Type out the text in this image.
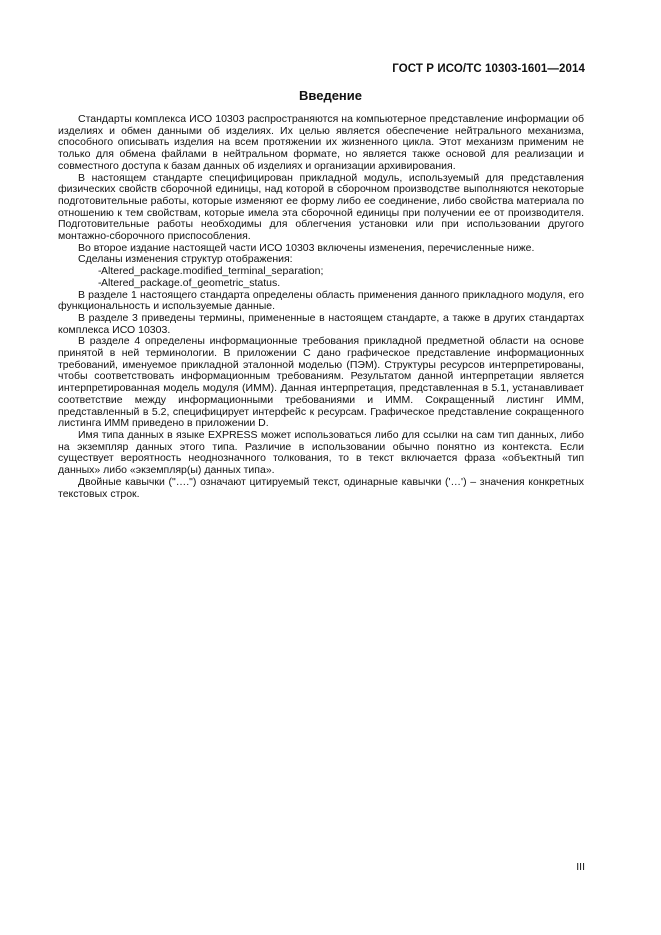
ГОСТ Р ИСО/ТС 10303-1601—2014
Введение

Стандарты комплекса ИСО 10303 распространяются на компьютерное представление информации об изделиях и обмен данными об изделиях. Их целью является обеспечение нейтрального механизма, способного описывать изделия на всем протяжении их жизненного цикла. Этот механизм применим не только для обмена файлами в нейтральном формате, но является также основой для реализации и совместного доступа к базам данных об изделиях и организации архивирования.

В настоящем стандарте специфицирован прикладной модуль, используемый для представления физических свойств сборочной единицы, над которой в сборочном производстве выполняются некоторые подготовительные работы, которые изменяют ее форму либо ее соединение, либо свойства материала по отношению к тем свойствам, которые имела эта сборочной единицы при получении ее от производителя. Подготовительные работы необходимы для облегчения установки или при использовании другого монтажно-сборочного приспособления.

Во второе издание настоящей части ИСО 10303 включены изменения, перечисленные ниже.

Сделаны изменения структур отображения:

-Altered_package.modified_terminal_separation;

-Altered_package.of_geometric_status.

В разделе 1 настоящего стандарта определены область применения данного прикладного модуля, его функциональность и используемые данные.

В разделе 3 приведены термины, примененные в настоящем стандарте, а также в других стандартах комплекса ИСО 10303.

В разделе 4 определены информационные требования прикладной предметной области на основе принятой в ней терминологии. В приложении С дано графическое представление информационных требований, именуемое прикладной эталонной моделью (ПЭМ). Структуры ресурсов интерпретированы, чтобы соответствовать информационным требованиям. Результатом данной интерпретации является интерпретированная модель модуля (ИММ). Данная интерпретация, представленная в 5.1, устанавливает соответствие между информационными требованиями и ИММ. Сокращенный листинг ИММ, представленный в 5.2, специфицирует интерфейс к ресурсам. Графическое представление сокращенного листинга ИММ приведено в приложении D.

Имя типа данных в языке EXPRESS может использоваться либо для ссылки на сам тип данных, либо на экземпляр данных этого типа. Различие в использовании обычно понятно из контекста. Если существует вероятность неоднозначного толкования, то в текст включается фраза «объектный тип данных» либо «экземпляр(ы) данных типа».

Двойные кавычки ("….") означают цитируемый текст, одинарные кавычки ('…') – значения конкретных текстовых строк.

III
